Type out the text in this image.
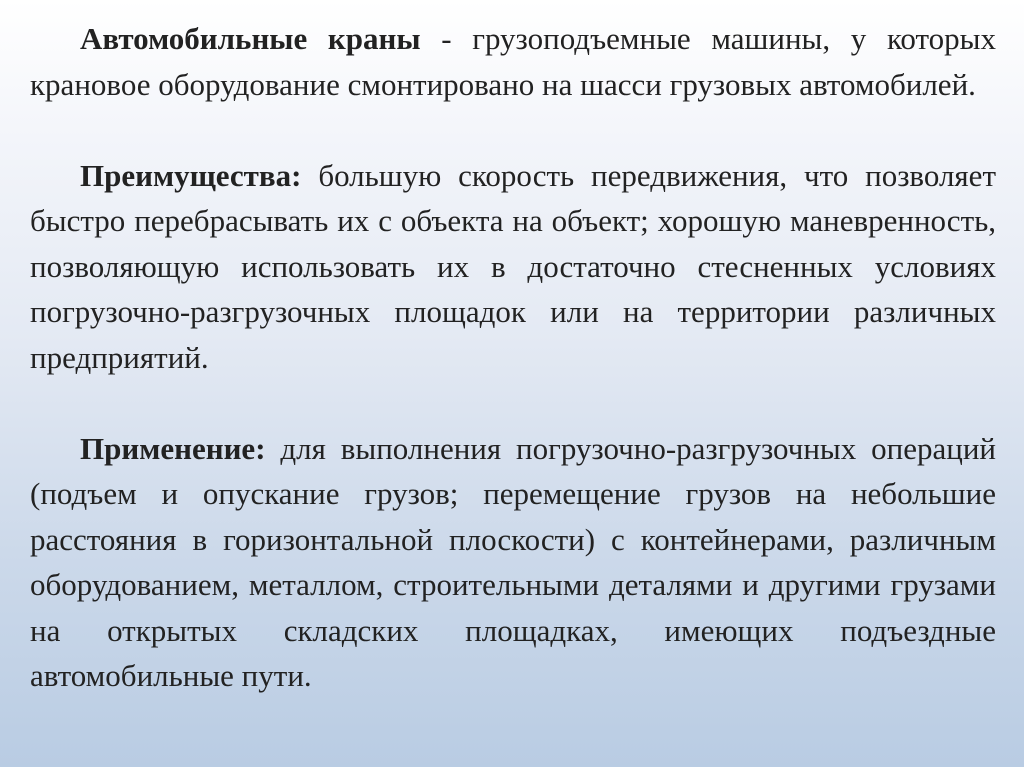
Автомобильные краны - грузоподъемные машины, у которых крановое оборудование смонтировано на шасси грузовых автомобилей.

Преимущества: большую скорость передвижения, что позволяет быстро перебрасывать их с объекта на объект; хорошую маневренность, позволяющую использовать их в достаточно стесненных условиях погрузочно-разгрузочных площадок или на территории различных предприятий.

Применение: для выполнения погрузочно-разгрузочных операций (подъем и опускание грузов; перемещение грузов на небольшие расстояния в горизонтальной плоскости) с контейнерами, различным оборудованием, металлом, строительными деталями и другими грузами на открытых складских площадках, имеющих подъездные автомобильные пути.
